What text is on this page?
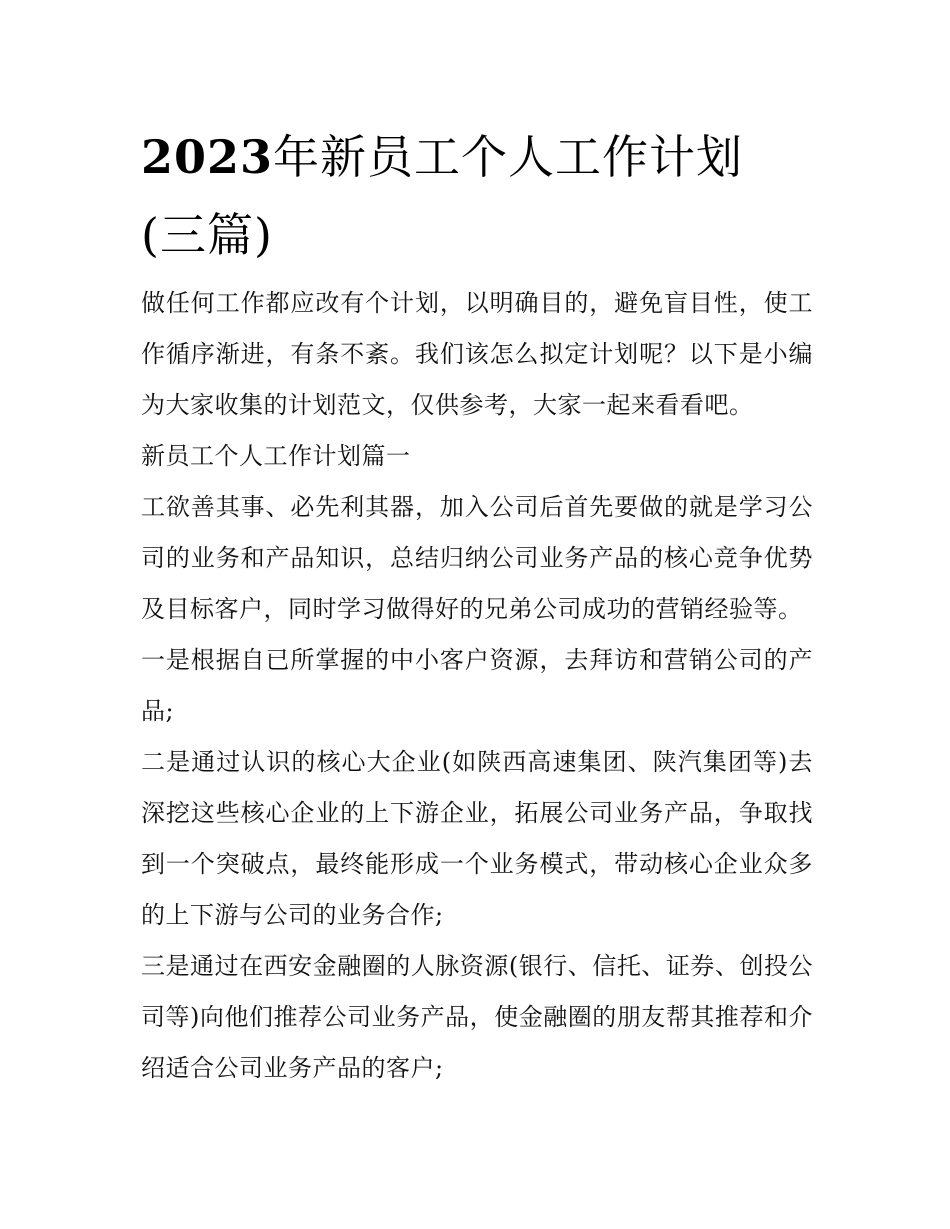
2023年新员工个人工作计划
(三篇)

做任何工作都应改有个计划，以明确目的，避免盲目性，使工作循序渐进，有条不紊。我们该怎么拟定计划呢？以下是小编为大家收集的计划范文，仅供参考，大家一起来看看吧。

新员工个人工作计划篇一

工欲善其事、必先利其器，加入公司后首先要做的就是学习公司的业务和产品知识，总结归纳公司业务产品的核心竞争优势及目标客户，同时学习做得好的兄弟公司成功的营销经验等。

一是根据自已所掌握的中小客户资源，去拜访和营销公司的产品;

二是通过认识的核心大企业(如陕西高速集团、陕汽集团等)去深挖这些核心企业的上下游企业，拓展公司业务产品，争取找到一个突破点，最终能形成一个业务模式，带动核心企业众多的上下游与公司的业务合作;

三是通过在西安金融圈的人脉资源(银行、信托、证券、创投公司等)向他们推荐公司业务产品，使金融圈的朋友帮其推荐和介绍适合公司业务产品的客户;
